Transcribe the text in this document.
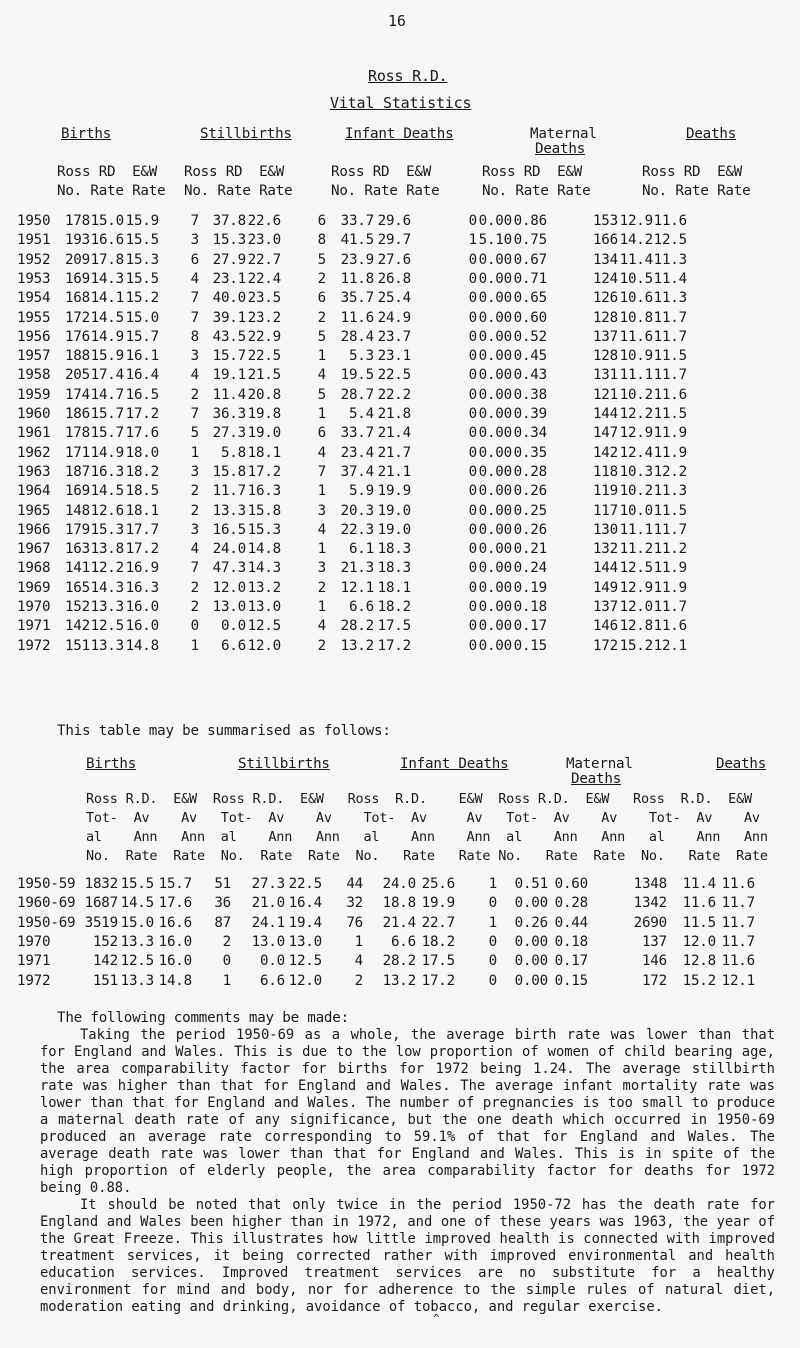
16
Ross R.D.
Vital Statistics
Births	Stillbirths	Infant Deaths	Maternal	Deaths
Deaths
Ross RD  E&W Ross RD  E&W	Ross RD  E&W	Ross RD  E&W	Ross RD  E&W
No. Rate Rate No. Rate Rate	No. Rate Rate	No. Rate Rate	No. Rate Rate
1950	178 15.0 15.9	7 37.8 22.6	6	33.7 29.6	0 0.00 0.86	153 12.9 11.6
1951	193 16.6 15.5	3 15.3 23.0	8	41.5 29.7	1 5.10 0.75	166 14.2 12.5
1952	209 17.8 15.3	6 27.9 22.7	5	23.9 27.6	0 0.00 0.67	134 11.4 11.3
1953	169 14.3 15.5	4 23.1 22.4	2	11.8 26.8	0 0.00 0.71	124 10.5 11.4
1954	168 14.1 15.2	7 40.0 23.5	6	35.7 25.4	0 0.00 0.65	126 10.6 11.3
1955	172 14.5 15.0	7 39.1 23.2	2	11.6 24.9	0 0.00 0.60	128 10.8 11.7
1956	176 14.9 15.7	8 43.5 22.9	5	28.4 23.7	0 0.00 0.52	137 11.6 11.7
1957	188 15.9 16.1	3 15.7 22.5	1	5.3 23.1	0 0.00 0.45	128 10.9 11.5
1958	205 17.4 16.4	4 19.1 21.5	4	19.5 22.5	0 0.00 0.43	131 11.1 11.7
1959	174 14.7 16.5	2 11.4 20.8	5	28.7 22.2	0 0.00 0.38	121 10.2 11.6
1960	186 15.7 17.2	7 36.3 19.8	1	5.4 21.8	0 0.00 0.39	144 12.2 11.5
1961	178 15.7 17.6	5 27.3 19.0	6	33.7 21.4	0 0.00 0.34	147 12.9 11.9
1962	171 14.9 18.0	1	5.8 18.1	4	23.4 21.7	0 0.00 0.35	142 12.4 11.9
1963	187 16.3 18.2	3 15.8 17.2	7	37.4 21.1	0 0.00 0.28	118 10.3 12.2
1964	169 14.5 18.5	2 11.7 16.3	1	5.9 19.9	0 0.00 0.26	119 10.2 11.3
1965	148 12.6 18.1	2 13.3 15.8	3	20.3 19.0	0 0.00 0.25	117 10.0 11.5
1966	179 15.3 17.7	3 16.5 15.3	4	22.3 19.0	0 0.00 0.26	130 11.1 11.7
1967	163 13.8 17.2	4 24.0 14.8	1	6.1 18.3	0 0.00 0.21	132 11.2 11.2
1968	141 12.2 16.9	7 47.3 14.3	3	21.3 18.3	0 0.00 0.24	144 12.5 11.9
1969	165 14.3 16.3	2 12.0 13.2	2	12.1 18.1	0 0.00 0.19	149 12.9 11.9
1970	152 13.3 16.0	2 13.0 13.0	1	6.6 18.2	0 0.00 0.18	137 12.0 11.7
1971	142 12.5 16.0	0	0.0 12.5	4	28.2 17.5	0 0.00 0.17	146 12.8 11.6
1972	151 13.3 14.8	1	6.6 12.0	2	13.2 17.2	0 0.00 0.15	172 15.2 12.1
This table may be summarised as follows:
Births	Stillbirths	Infant Deaths	Maternal	Deaths
Deaths
Ross R.D.  E&W  Ross R.D.  E&W   Ross  R.D.    E&W  Ross R.D.  E&W   Ross  R.D.  E&W
Tot-  Av    Av   Tot-  Av    Av    Tot-  Av     Av   Tot-  Av    Av    Tot-  Av    Av
al    Ann   Ann  al    Ann   Ann   al    Ann    Ann  al    Ann   Ann   al    Ann   Ann
No.  Rate  Rate  No.  Rate  Rate  No.   Rate   Rate No.   Rate  Rate  No.   Rate  Rate
1950-59 1832 15.5 15.7	51	27.3 22.5	44	24.0 25.6	1	0.51 0.60	1348	11.4 11.6
1960-69 1687 14.5 17.6	36	21.0 16.4	32	18.8 19.9	0	0.00 0.28	1342	11.6 11.7
1950-69 3519 15.0 16.6	87	24.1 19.4	76	21.4 22.7	1	0.26 0.44	2690	11.5 11.7
1970	152 13.3 16.0	2	13.0 13.0	1	6.6 18.2	0	0.00 0.18	137	12.0 11.7
1971	142 12.5 16.0	0	0.0 12.5	4	28.2 17.5	0	0.00 0.17	146	12.8 11.6
1972	151 13.3 14.8	1	6.6 12.0	2	13.2 17.2	0	0.00 0.15	172	15.2 12.1
The following comments may be made:

Taking the period 1950-69 as a whole, the average birth rate was lower than that for England and Wales. This is due to the low proportion of women of child bearing age, the area comparability factor for births for 1972 being 1.24. The average stillbirth rate was higher than that for England and Wales. The average infant mortality rate was lower than that for England and Wales. The number of pregnancies is too small to produce a maternal death rate of any significance, but the one death which occurred in 1950-69 produced an average rate corresponding to 59.1% of that for England and Wales. The average death rate was lower than that for England and Wales. This is in spite of the high proportion of elderly people, the area comparability factor for deaths for 1972 being 0.88.

It should be noted that only twice in the period 1950-72 has the death rate for England and Wales been higher than in 1972, and one of these years was 1963, the year of the Great Freeze. This illustrates how little improved health is connected with improved treatment services, it being corrected rather with improved environmental and health education services. Improved treatment services are no substitute for a healthy environment for mind and body, nor for adherence to the simple rules of natural diet, moderation eating and drinking, avoidance of tobacco, and regular exercise.

^
